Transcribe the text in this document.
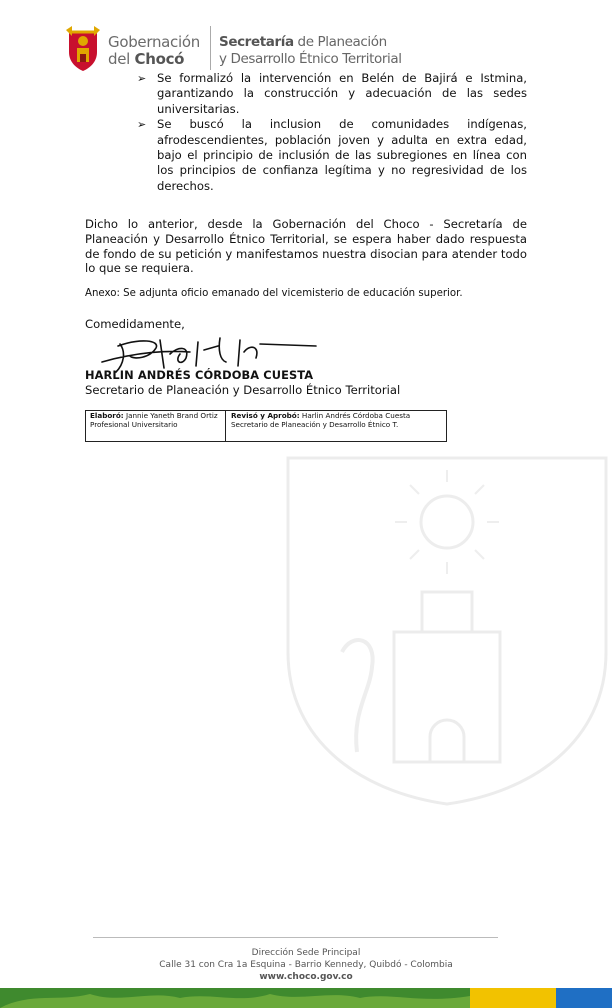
Gobernación
del Chocó
Secretaría de Planeación
y Desarrollo Étnico Territorial
➢ Se formalizó la intervención en Belén de Bajirá e Istmina, garantizando la construcción y adecuación de las sedes universitarias.
➢ Se buscó la inclusion de comunidades indígenas, afrodescendientes, población joven y adulta en extra edad, bajo el principio de inclusión de las subregiones en línea con los principios de confianza legítima y no regresividad de los derechos.
Dicho lo anterior, desde la Gobernación del Choco - Secretaría de Planeación y Desarrollo Étnico Territorial, se espera haber dado respuesta de fondo de su petición y manifestamos nuestra disocian para atender todo lo que se requiera.
Anexo: Se adjunta oficio emanado del vicemisterio de educación superior.
Comedidamente,
HARLIN ANDRÉS CÓRDOBA CUESTA
Secretario de Planeación y Desarrollo Étnico Territorial
Elaboró: Jannie Yaneth Brand Ortiz
Profesional Universitario
Revisó y Aprobó: Harlin Andrés Córdoba Cuesta
Secretario de Planeación y Desarrollo Étnico T.
Dirección Sede Principal
Calle 31 con Cra 1a Esquina - Barrio Kennedy, Quibdó - Colombia
www.choco.gov.co
